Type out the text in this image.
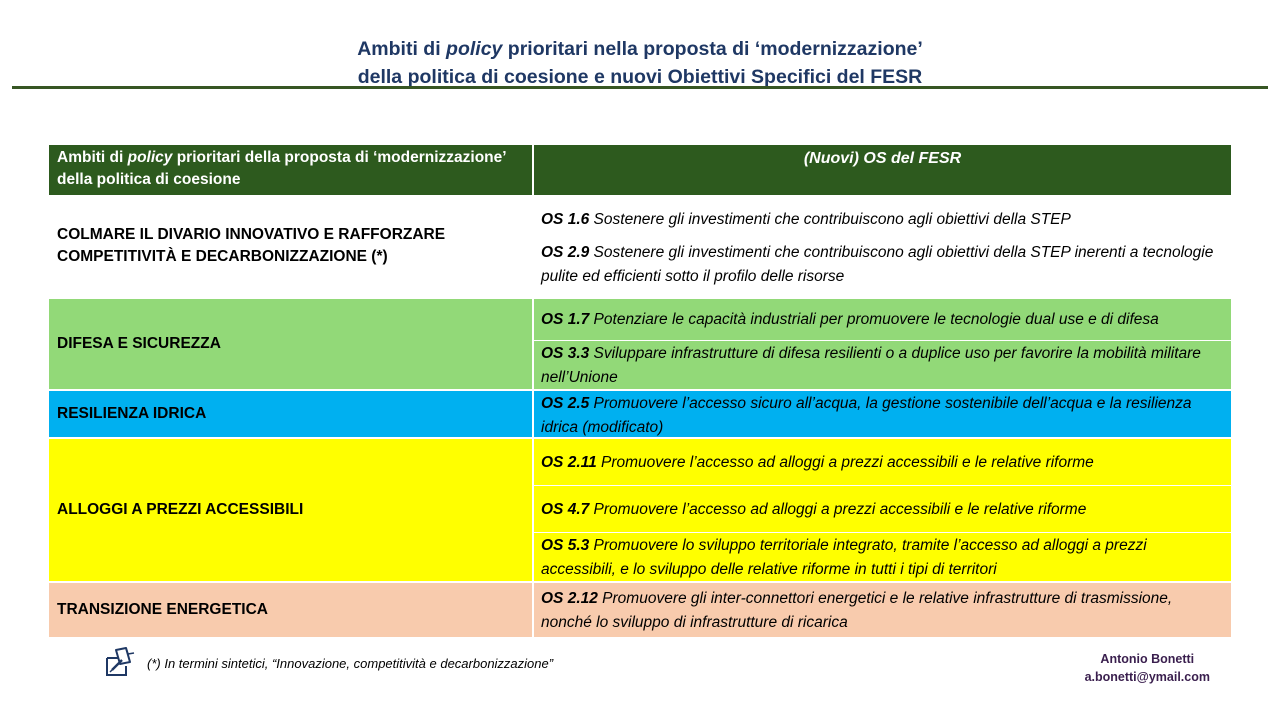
Ambiti di policy prioritari nella proposta di ‘modernizzazione’
della politica di coesione e nuovi Obiettivi Specifici del FESR
Ambiti di policy prioritari della proposta di ‘modernizzazione’ della politica di coesione
(Nuovi) OS del FESR
COLMARE IL DIVARIO INNOVATIVO E RAFFORZARE COMPETITIVITÀ E DECARBONIZZAZIONE (*)
OS 1.6 Sostenere gli investimenti che contribuiscono agli obiettivi della STEP
OS 2.9 Sostenere gli investimenti che contribuiscono agli obiettivi della STEP inerenti a tecnologie pulite ed efficienti sotto il profilo delle risorse
DIFESA E SICUREZZA
OS 1.7 Potenziare le capacità industriali per promuovere le tecnologie dual use e di difesa
OS 3.3 Sviluppare infrastrutture di difesa resilienti o a duplice uso per favorire la mobilità militare nell’Unione
RESILIENZA IDRICA
OS 2.5 Promuovere l’accesso sicuro all’acqua, la gestione sostenibile dell’acqua e la resilienza idrica (modificato)
ALLOGGI A PREZZI ACCESSIBILI
OS 2.11 Promuovere l’accesso ad alloggi a prezzi accessibili e le relative riforme
OS 4.7 Promuovere l’accesso ad alloggi a prezzi accessibili e le relative riforme
OS 5.3 Promuovere lo sviluppo territoriale integrato, tramite l’accesso ad alloggi a prezzi accessibili, e lo sviluppo delle relative riforme in tutti i tipi di territori
TRANSIZIONE ENERGETICA
OS 2.12 Promuovere gli inter-connettori energetici e le relative infrastrutture di trasmissione, nonché lo sviluppo di infrastrutture di ricarica
(*) In termini sintetici, “Innovazione, competitività e decarbonizzazione”	Antonio Bonetti
a.bonetti@ymail.com
